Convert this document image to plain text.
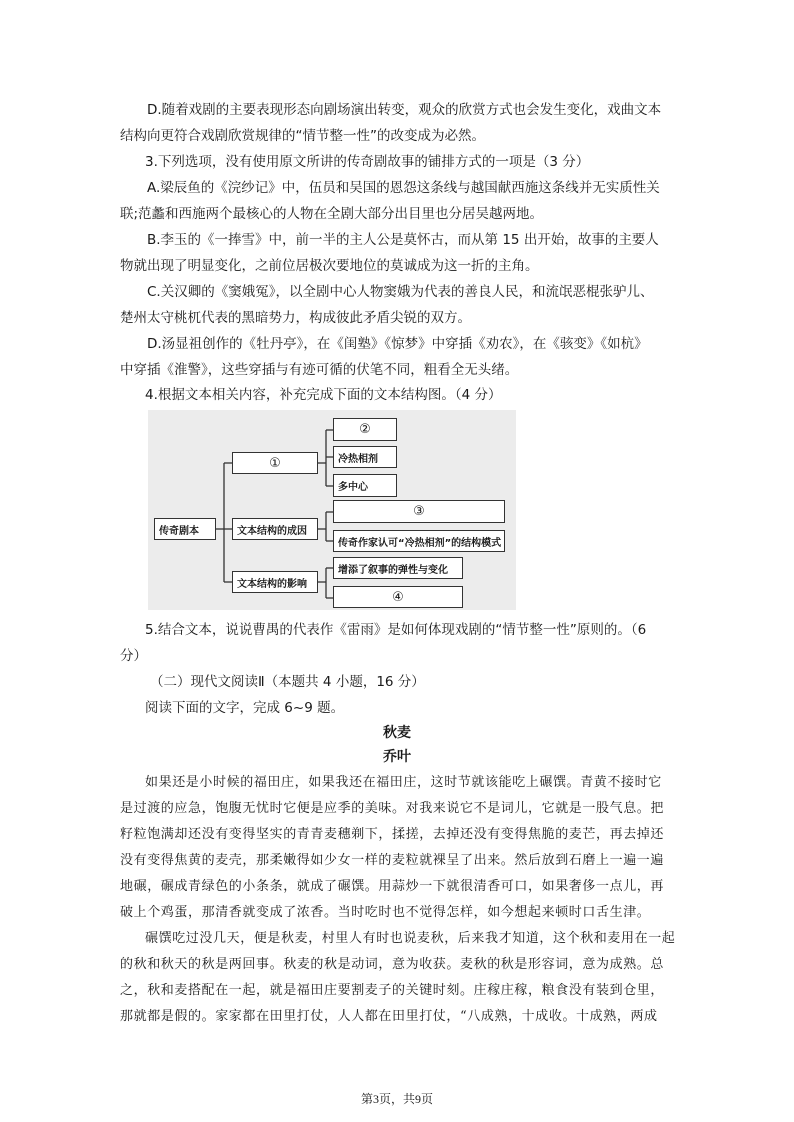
D.随着戏剧的主要表现形态向剧场演出转变，观众的欣赏方式也会发生变化，戏曲文本
结构向更符合戏剧欣赏规律的“情节整一性”的改变成为必然。
3.下列选项，没有使用原文所讲的传奇剧故事的铺排方式的一项是（3 分）
A.梁辰鱼的《浣纱记》中，伍员和吴国的恩怨这条线与越国献西施这条线并无实质性关
联;范蠡和西施两个最核心的人物在全剧大部分出目里也分居吴越两地。
B.李玉的《一捧雪》中，前一半的主人公是莫怀古，而从第 15 出开始，故事的主要人
物就出现了明显变化，之前位居极次要地位的莫诚成为这一折的主角。
C.关汉卿的《窦娥冤》，以全剧中心人物窦娥为代表的善良人民，和流氓恶棍张驴儿、
楚州太守桃杌代表的黑暗势力，构成彼此矛盾尖锐的双方。
D.汤显祖创作的《牡丹亭》，在《闺塾》《惊梦》中穿插《劝农》，在《骇变》《如杭》
中穿插《淮警》，这些穿插与有迹可循的伏笔不同，粗看全无头绪。
4.根据文本相关内容，补充完成下面的文本结构图。（4 分）
传奇剧本
①
②
冷热相剂
多中心
文本结构的成因
③
传奇作家认可“冷热相剂”的结构模式
文本结构的影响
增添了叙事的弹性与变化
④
5.结合文本，说说曹禺的代表作《雷雨》是如何体现戏剧的“情节整一性”原则的。（6
分）
（二）现代文阅读Ⅱ（本题共 4 小题，16 分）
阅读下面的文字，完成 6~9 题。
秋麦
乔叶
如果还是小时候的福田庄，如果我还在福田庄，这时节就该能吃上碾馔。青黄不接时它
是过渡的应急，饱腹无忧时它便是应季的美味。对我来说它不是词儿，它就是一股气息。把
籽粒饱满却还没有变得坚实的青青麦穗剃下，揉搓，去掉还没有变得焦脆的麦芒，再去掉还
没有变得焦黄的麦壳，那柔嫩得如少女一样的麦粒就裸呈了出来。然后放到石磨上一遍一遍
地碾，碾成青绿色的小条条，就成了碾馔。用蒜炒一下就很清香可口，如果奢侈一点儿，再
破上个鸡蛋，那清香就变成了浓香。当时吃时也不觉得怎样，如今想起来顿时口舌生津。
碾馔吃过没几天，便是秋麦，村里人有时也说麦秋，后来我才知道，这个秋和麦用在一起
的秋和秋天的秋是两回事。秋麦的秋是动词，意为收获。麦秋的秋是形容词，意为成熟。总
之，秋和麦搭配在一起，就是福田庄要割麦子的关键时刻。庄稼庄稼，粮食没有装到仓里，
那就都是假的。家家都在田里打仗，人人都在田里打仗，“八成熟，十成收。十成熟，两成
第3页，共9页
